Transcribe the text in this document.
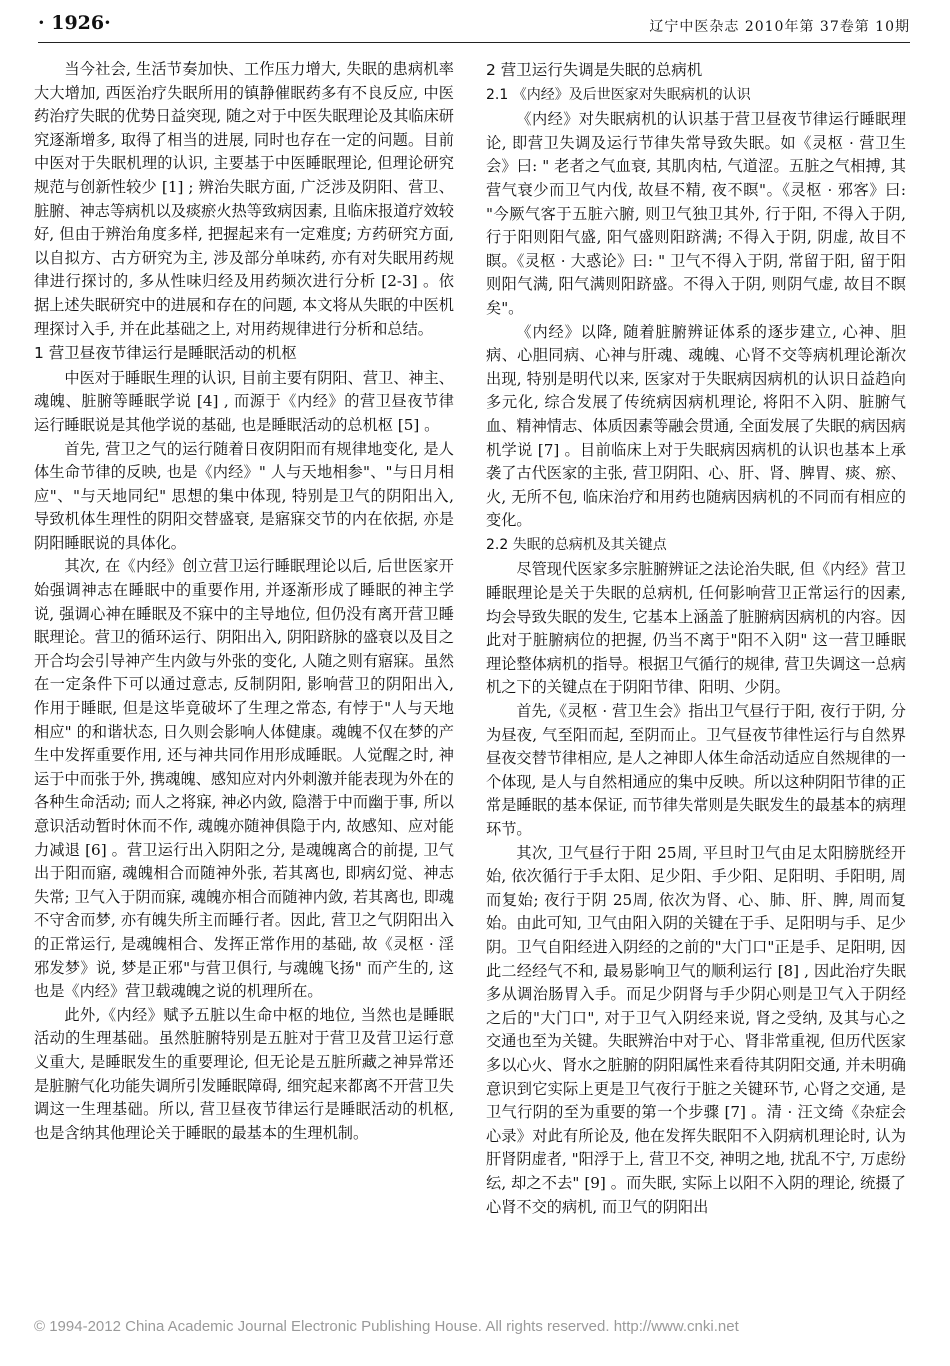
· 1926·	辽宁中医杂志 2010年第 37卷第 10期

当今社会, 生活节奏加快、工作压力增大, 失眠的患病机率大大增加, 西医治疗失眠所用的镇静催眠药多有不良反应, 中医药治疗失眠的优势日益突现, 随之对于中医失眠理论及其临床研究逐渐增多, 取得了相当的进展, 同时也存在一定的问题。目前中医对于失眠机理的认识, 主要基于中医睡眠理论, 但理论研究规范与创新性较少 [1] ; 辨治失眠方面, 广泛涉及阴阳、营卫、脏腑、神志等病机以及痰瘀火热等致病因素, 且临床报道疗效较好, 但由于辨治角度多样, 把握起来有一定难度; 方药研究方面, 以自拟方、古方研究为主, 涉及部分单味药, 亦有对失眠用药规律进行探讨的, 多从性味归经及用药频次进行分析 [2-3] 。依据上述失眠研究中的进展和存在的问题, 本文将从失眠的中医机理探讨入手, 并在此基础之上, 对用药规律进行分析和总结。

1 营卫昼夜节律运行是睡眠活动的机枢

中医对于睡眠生理的认识, 目前主要有阴阳、营卫、神主、魂魄、脏腑等睡眠学说 [4] , 而源于《内经》的营卫昼夜节律运行睡眠说是其他学说的基础, 也是睡眠活动的总机枢 [5] 。

首先, 营卫之气的运行随着日夜阴阳而有规律地变化, 是人体生命节律的反映, 也是《内经》" 人与天地相参"、"与日月相应"、"与天地同纪" 思想的集中体现, 特别是卫气的阴阳出入, 导致机体生理性的阴阳交替盛衰, 是寤寐交节的内在依据, 亦是阴阳睡眠说的具体化。

其次, 在《内经》创立营卫运行睡眠理论以后, 后世医家开始强调神志在睡眠中的重要作用, 并逐渐形成了睡眠的神主学说, 强调心神在睡眠及不寐中的主导地位, 但仍没有离开营卫睡眠理论。营卫的循环运行、阴阳出入, 阴阳跻脉的盛衰以及目之开合均会引导神产生内敛与外张的变化, 人随之则有寤寐。虽然在一定条件下可以通过意志, 反制阴阳, 影响营卫的阴阳出入, 作用于睡眠, 但是这毕竟破坏了生理之常态, 有悖于"人与天地相应" 的和谐状态, 日久则会影响人体健康。魂魄不仅在梦的产生中发挥重要作用, 还与神共同作用形成睡眠。人觉醒之时, 神运于中而张于外, 携魂魄、感知应对内外刺激并能表现为外在的各种生命活动; 而人之将寐, 神必内敛, 隐潜于中而幽于事, 所以意识活动暂时休而不作, 魂魄亦随神俱隐于内, 故感知、应对能力减退 [6] 。营卫运行出入阴阳之分, 是魂魄离合的前提, 卫气出于阳而寤, 魂魄相合而随神外张, 若其离也, 即病幻觉、神志失常; 卫气入于阴而寐, 魂魄亦相合而随神内敛, 若其离也, 即魂不守舍而梦, 亦有魄失所主而睡行者。因此, 营卫之气阴阳出入的正常运行, 是魂魄相合、发挥正常作用的基础, 故《灵枢 · 淫邪发梦》说, 梦是正邪"与营卫俱行, 与魂魄飞扬" 而产生的, 这也是《内经》营卫载魂魄之说的机理所在。

此外,《内经》赋予五脏以生命中枢的地位, 当然也是睡眠活动的生理基础。虽然脏腑特别是五脏对于营卫及营卫运行意义重大, 是睡眠发生的重要理论, 但无论是五脏所藏之神异常还是脏腑气化功能失调所引发睡眠障碍, 细究起来都离不开营卫失调这一生理基础。所以, 营卫昼夜节律运行是睡眠活动的机枢, 也是含纳其他理论关于睡眠的最基本的生理机制。

2 营卫运行失调是失眠的总病机
2.1 《内经》及后世医家对失眠病机的认识

《内经》对失眠病机的认识基于营卫昼夜节律运行睡眠理论, 即营卫失调及运行节律失常导致失眠。如《灵枢 · 营卫生会》曰: " 老者之气血衰, 其肌肉枯, 气道涩。五脏之气相搏, 其营气衰少而卫气内伐, 故昼不精, 夜不瞑"。《灵枢 · 邪客》曰: "今厥气客于五脏六腑, 则卫气独卫其外, 行于阳, 不得入于阴, 行于阳则阳气盛, 阳气盛则阳跻满; 不得入于阴, 阴虚, 故目不瞑。《灵枢 · 大惑论》曰: " 卫气不得入于阴, 常留于阳, 留于阳则阳气满, 阳气满则阳跻盛。不得入于阴, 则阴气虚, 故目不瞑矣"。

《内经》以降, 随着脏腑辨证体系的逐步建立, 心神、胆病、心胆同病、心神与肝魂、魂魄、心肾不交等病机理论渐次出现, 特别是明代以来, 医家对于失眠病因病机的认识日益趋向多元化, 综合发展了传统病因病机理论, 将阳不入阴、脏腑气血、精神情志、体质因素等融会贯通, 全面发展了失眠的病因病机学说 [7] 。目前临床上对于失眠病因病机的认识也基本上承袭了古代医家的主张, 营卫阴阳、心、肝、肾、脾胃、痰、瘀、火, 无所不包, 临床治疗和用药也随病因病机的不同而有相应的变化。

2.2 失眠的总病机及其关键点

尽管现代医家多宗脏腑辨证之法论治失眠, 但《内经》营卫睡眠理论是关于失眠的总病机, 任何影响营卫正常运行的因素, 均会导致失眠的发生, 它基本上涵盖了脏腑病因病机的内容。因此对于脏腑病位的把握, 仍当不离于"阳不入阴" 这一营卫睡眠理论整体病机的指导。根据卫气循行的规律, 营卫失调这一总病机之下的关键点在于阴阳节律、阳明、少阴。

首先,《灵枢 · 营卫生会》指出卫气昼行于阳, 夜行于阴, 分为昼夜, 气至阳而起, 至阴而止。卫气昼夜节律性运行与自然界昼夜交替节律相应, 是人之神即人体生命活动适应自然规律的一个体现, 是人与自然相通应的集中反映。所以这种阴阳节律的正常是睡眠的基本保证, 而节律失常则是失眠发生的最基本的病理环节。

其次, 卫气昼行于阳 25周, 平旦时卫气由足太阳膀胱经开始, 依次循行于手太阳、足少阳、手少阳、足阳明、手阳明, 周而复始; 夜行于阴 25周, 依次为肾、心、肺、肝、脾, 周而复始。由此可知, 卫气由阳入阴的关键在于手、足阳明与手、足少阴。卫气自阳经进入阴经的之前的"大门口"正是手、足阳明, 因此二经经气不和, 最易影响卫气的顺利运行 [8] , 因此治疗失眠多从调治肠胃入手。而足少阴肾与手少阴心则是卫气入于阴经之后的"大门口", 对于卫气入阴经来说, 肾之受纳, 及其与心之交通也至为关键。失眠辨治中对于心、肾非常重视, 但历代医家多以心火、肾水之脏腑的阴阳属性来看待其阴阳交通, 并未明确意识到它实际上更是卫气夜行于脏之关键环节, 心肾之交通, 是卫气行阴的至为重要的第一个步骤 [7] 。清 · 汪文绮《杂症会心录》对此有所论及, 他在发挥失眠阳不入阴病机理论时, 认为肝肾阴虚者, "阳浮于上, 营卫不交, 神明之地, 扰乱不宁, 万虑纷纭, 却之不去" [9] 。而失眠, 实际上以阳不入阴的理论, 统摄了心肾不交的病机, 而卫气的阴阳出

© 1994-2012 China Academic Journal Electronic Publishing House. All rights reserved. http://www.cnki.net
